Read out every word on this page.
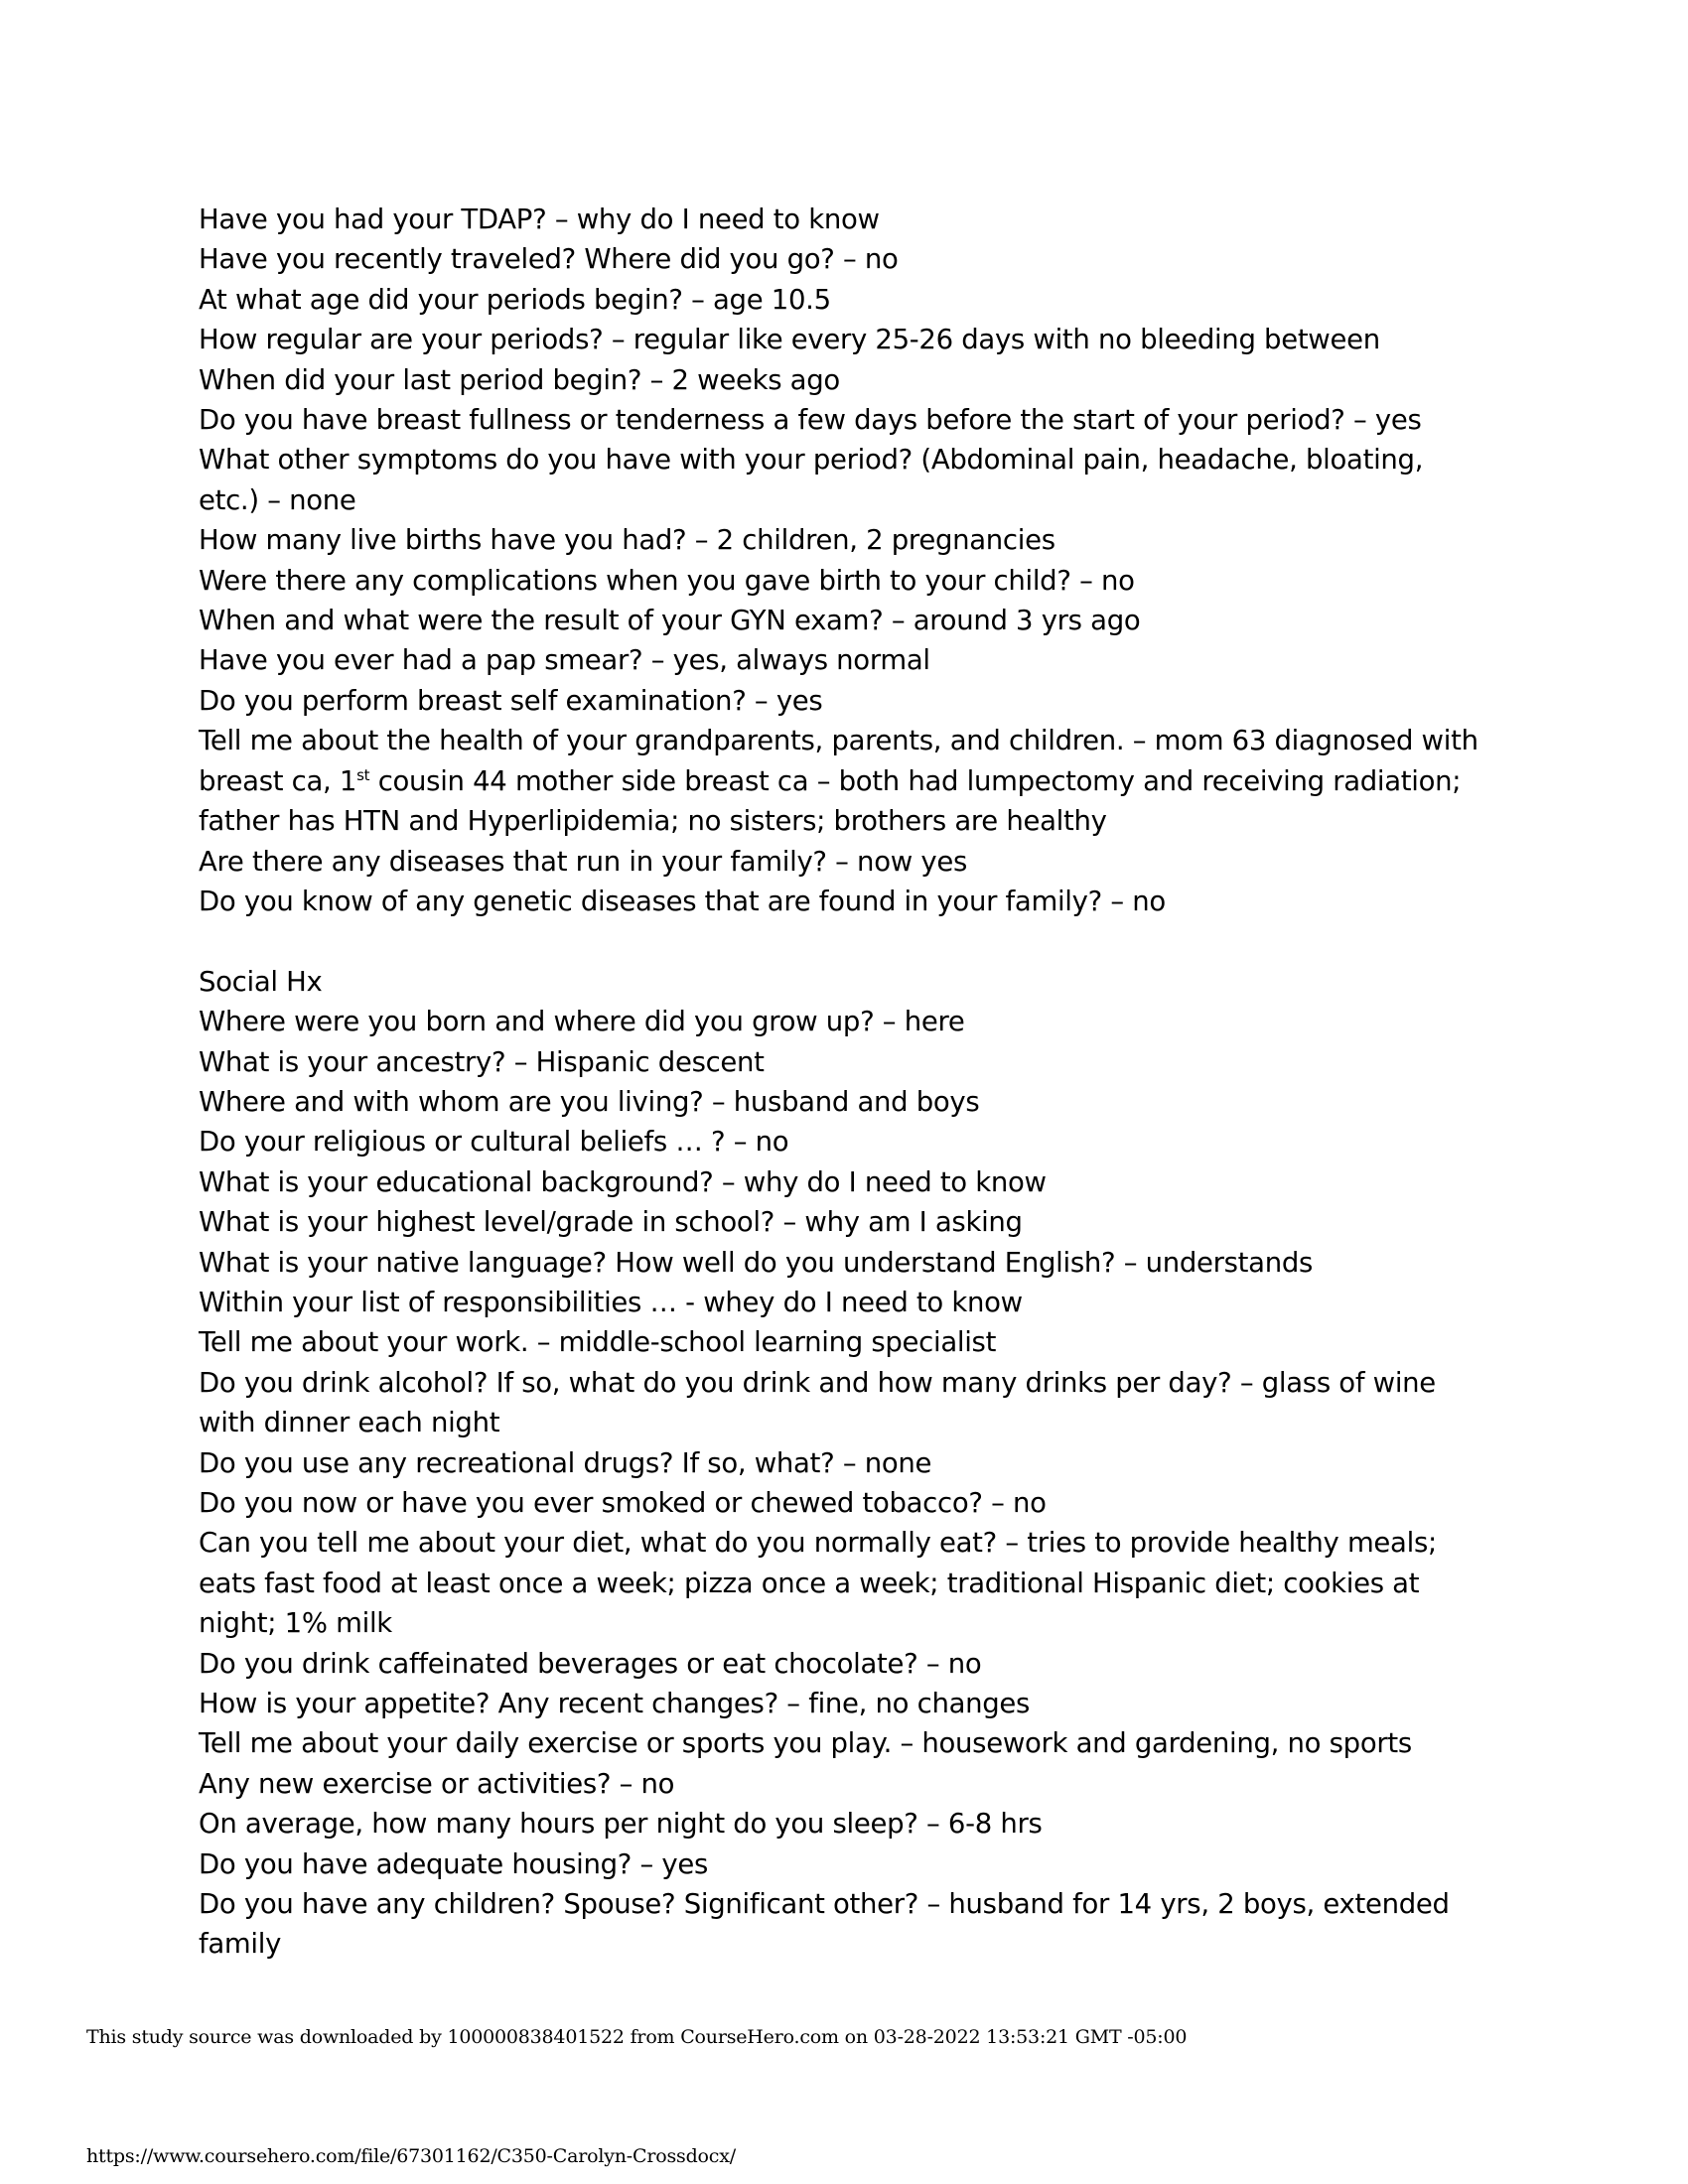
Have you had your TDAP? – why do I need to know
Have you recently traveled? Where did you go? – no
At what age did your periods begin? – age 10.5
How regular are your periods? – regular like every 25-26 days with no bleeding between
When did your last period begin? – 2 weeks ago
Do you have breast fullness or tenderness a few days before the start of your period? – yes
What other symptoms do you have with your period? (Abdominal pain, headache, bloating,
etc.) – none
How many live births have you had? – 2 children, 2 pregnancies
Were there any complications when you gave birth to your child? – no
When and what were the result of your GYN exam? – around 3 yrs ago
Have you ever had a pap smear? – yes, always normal
Do you perform breast self examination? – yes
Tell me about the health of your grandparents, parents, and children. – mom 63 diagnosed with
breast ca, 1st cousin 44 mother side breast ca – both had lumpectomy and receiving radiation;
father has HTN and Hyperlipidemia; no sisters; brothers are healthy
Are there any diseases that run in your family? – now yes
Do you know of any genetic diseases that are found in your family? – no
Social Hx
Where were you born and where did you grow up? – here
What is your ancestry? – Hispanic descent
Where and with whom are you living? – husband and boys
Do your religious or cultural beliefs … ? – no
What is your educational background? – why do I need to know
What is your highest level/grade in school? – why am I asking
What is your native language? How well do you understand English? – understands
Within your list of responsibilities … - whey do I need to know
Tell me about your work. – middle-school learning specialist
Do you drink alcohol? If so, what do you drink and how many drinks per day? – glass of wine
with dinner each night
Do you use any recreational drugs? If so, what? – none
Do you now or have you ever smoked or chewed tobacco? – no
Can you tell me about your diet, what do you normally eat? – tries to provide healthy meals;
eats fast food at least once a week; pizza once a week; traditional Hispanic diet; cookies at
night; 1% milk
Do you drink caffeinated beverages or eat chocolate? – no
How is your appetite? Any recent changes? – fine, no changes
Tell me about your daily exercise or sports you play. – housework and gardening, no sports
Any new exercise or activities? – no
On average, how many hours per night do you sleep? – 6-8 hrs
Do you have adequate housing? – yes
Do you have any children? Spouse? Significant other? – husband for 14 yrs, 2 boys, extended
family
This study source was downloaded by 100000838401522 from CourseHero.com on 03-28-2022 13:53:21 GMT -05:00
https://www.coursehero.com/file/67301162/C350-Carolyn-Crossdocx/
